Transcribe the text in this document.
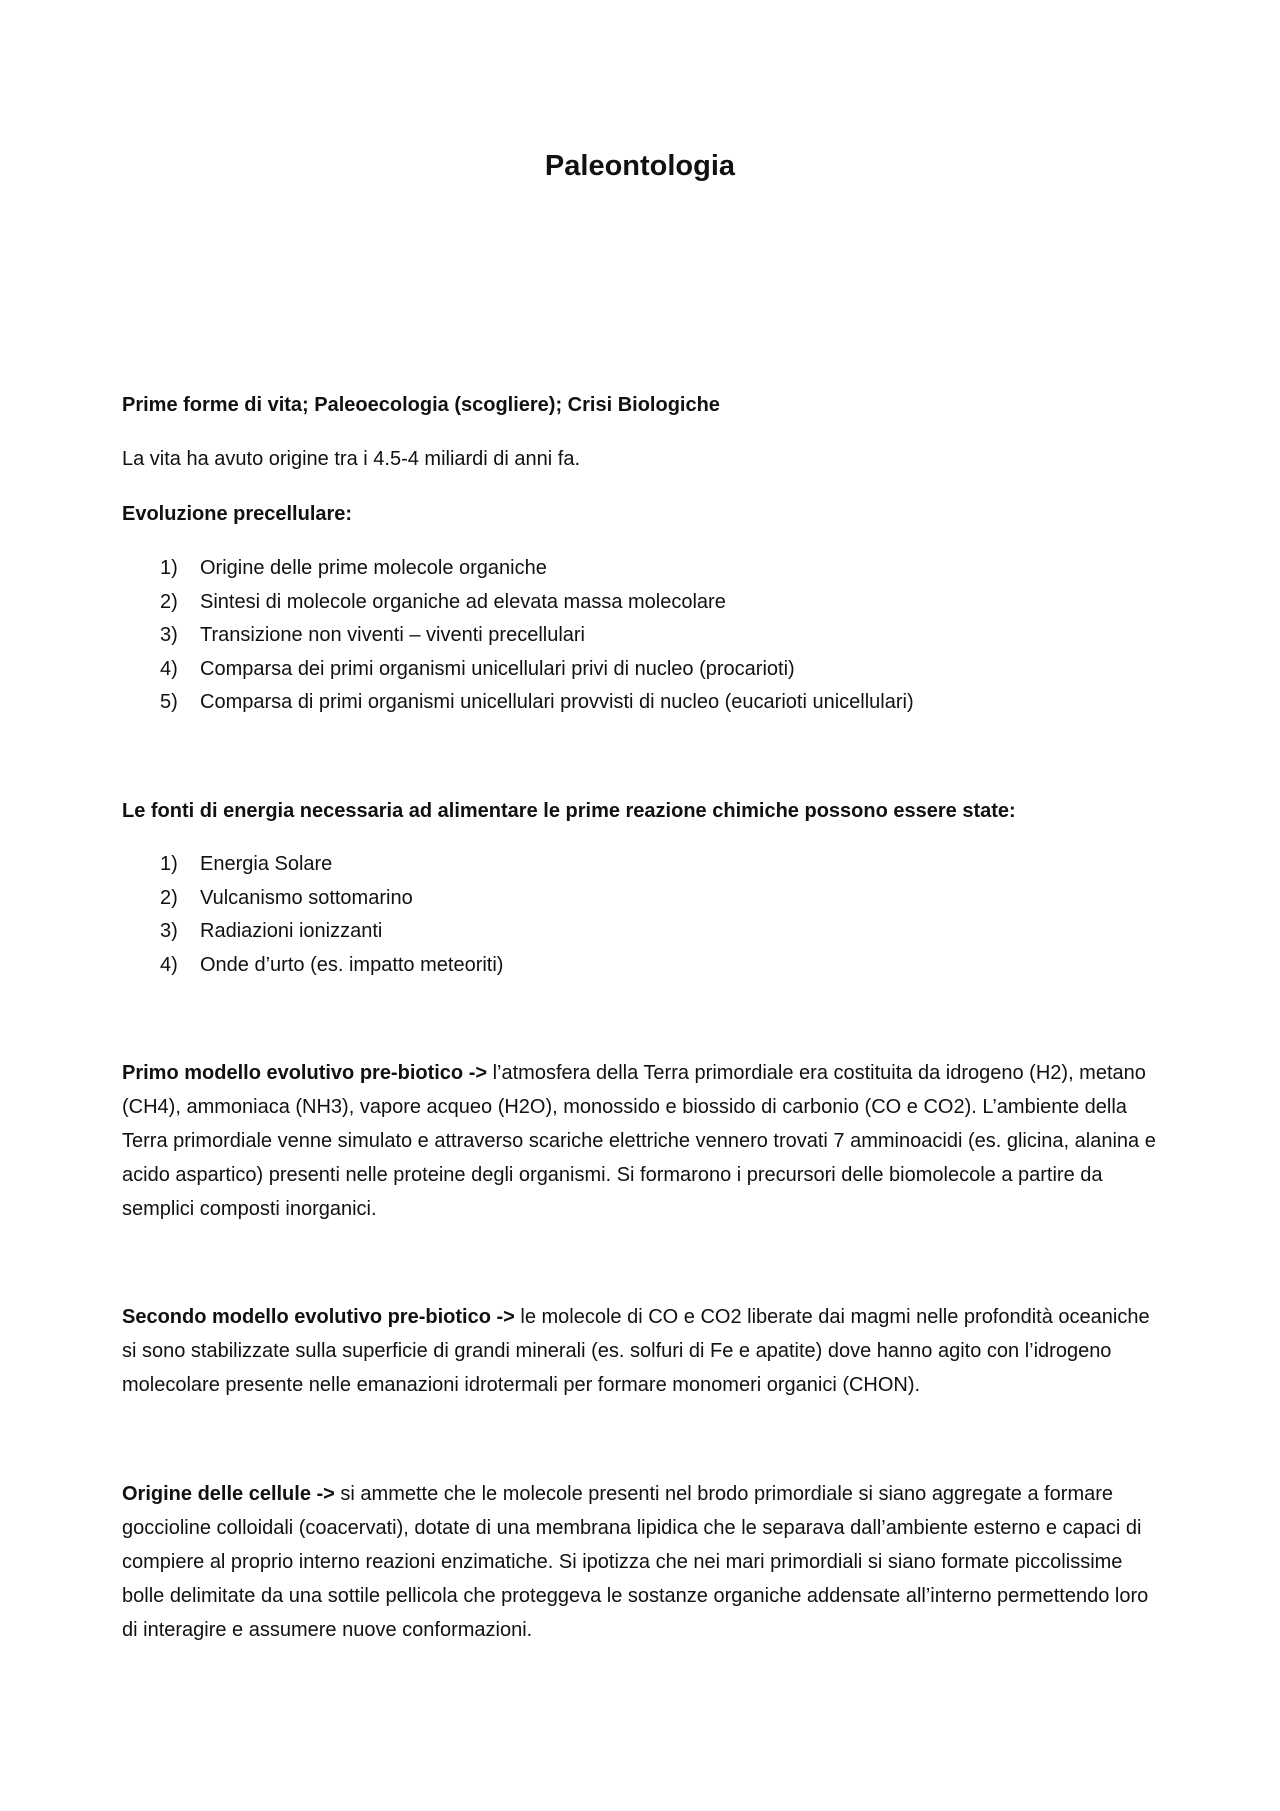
Paleontologia

Prime forme di vita; Paleoecologia (scogliere); Crisi Biologiche

La vita ha avuto origine tra i 4.5-4 miliardi di anni fa.

Evoluzione precellulare:

1) Origine delle prime molecole organiche
2) Sintesi di molecole organiche ad elevata massa molecolare
3) Transizione non viventi – viventi precellulari
4) Comparsa dei primi organismi unicellulari privi di nucleo (procarioti)
5) Comparsa di primi organismi unicellulari provvisti di nucleo (eucarioti unicellulari)

Le fonti di energia necessaria ad alimentare le prime reazione chimiche possono essere state:

1) Energia Solare
2) Vulcanismo sottomarino
3) Radiazioni ionizzanti
4) Onde d’urto (es. impatto meteoriti)

Primo modello evolutivo pre-biotico -> l’atmosfera della Terra primordiale era costituita da idrogeno (H2), metano (CH4), ammoniaca (NH3), vapore acqueo (H2O), monossido e biossido di carbonio (CO e CO2). L’ambiente della Terra primordiale venne simulato e attraverso scariche elettriche vennero trovati 7 amminoacidi (es. glicina, alanina e acido aspartico) presenti nelle proteine degli organismi. Si formarono i precursori delle biomolecole a partire da semplici composti inorganici.

Secondo modello evolutivo pre-biotico -> le molecole di CO e CO2 liberate dai magmi nelle profondità oceaniche si sono stabilizzate sulla superficie di grandi minerali (es. solfuri di Fe e apatite) dove hanno agito con l’idrogeno molecolare presente nelle emanazioni idrotermali per formare monomeri organici (CHON).

Origine delle cellule -> si ammette che le molecole presenti nel brodo primordiale si siano aggregate a formare goccioline colloidali (coacervati), dotate di una membrana lipidica che le separava dall’ambiente esterno e capaci di compiere al proprio interno reazioni enzimatiche. Si ipotizza che nei mari primordiali si siano formate piccolissime bolle delimitate da una sottile pellicola che proteggeva le sostanze organiche addensate all’interno permettendo loro di interagire e assumere nuove conformazioni.
